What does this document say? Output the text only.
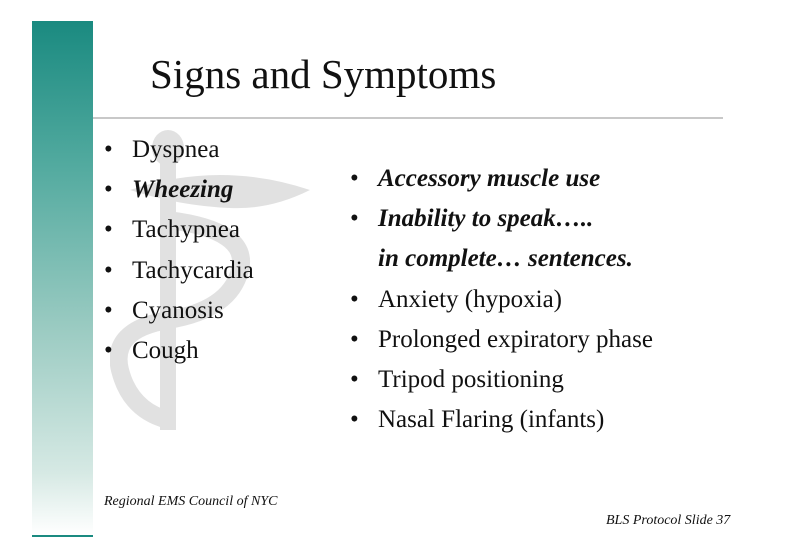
Signs and Symptoms
• Dyspnea
• Wheezing
• Tachypnea
• Tachycardia
• Cyanosis
• Cough
• Accessory muscle use
• Inability to speak…..
in complete… sentences.
• Anxiety (hypoxia)
• Prolonged expiratory phase
• Tripod positioning
• Nasal Flaring (infants)
Regional EMS Council of NYC
BLS Protocol Slide 37
